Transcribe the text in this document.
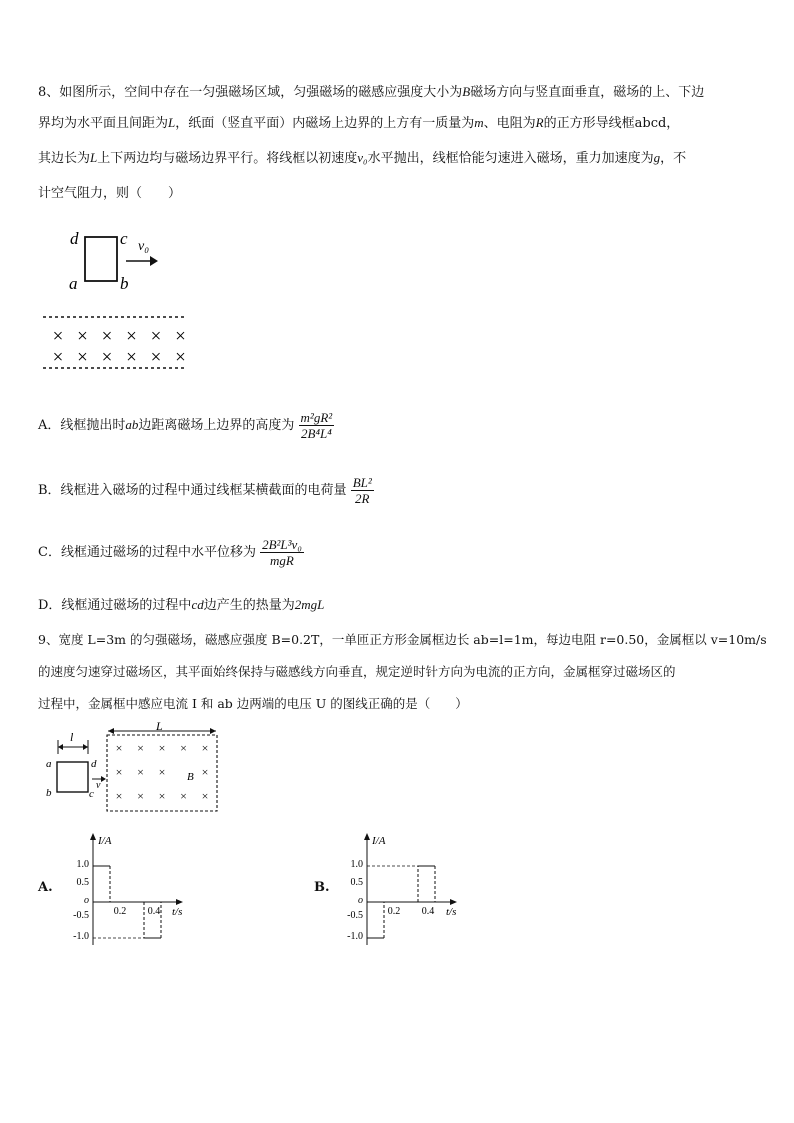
8、如图所示，空间中存在一匀强磁场区域，匀强磁场的磁感应强度大小为B磁场方向与竖直面垂直，磁场的上、下边
界均为水平面且间距为L，纸面（竖直平面）内磁场上边界的上方有一质量为m、电阻为R的正方形导线框abcd，
其边长为L上下两边均与磁场边界平行。将线框以初速度v₀水平抛出，线框恰能匀速进入磁场，重力加速度为g，不
计空气阻力，则（　　）
d c
a	b
v₀
× × × × × ×
× × × × × ×
A．线框抛出时ab边距离磁场上边界的高度为 $\frac{\text{m²gR²}}{\text{2B⁴L⁴}}$
B．线框进入磁场的过程中通过线框某横截面的电荷量 $\frac{\text{BL²}}{2R}$
C．线框通过磁场的过程中水平位移为 $\frac{\text{2B²L³v₀}}{\text{mgR}}$
D．线框通过磁场的过程中cd边产生的热量为2mgL
9、宽度 L=3m 的匀强磁场，磁感应强度 B=0.2T，一单匝正方形金属框边长 ab=l=1m，每边电阻 r=0.50，金属框以 v=10m/s
的速度匀速穿过磁场区，其平面始终保持与磁感线方向垂直，规定逆时针方向为电流的正方向，金属框穿过磁场区的
过程中，金属框中感应电流 I 和 ab 边两端的电压 U 的图线正确的是（　　）
l
a
b
d
c
v
L
× × × × ×
× × ×	×
× × × × ×
B
A.
I/A
t/s
1.0
0.5
o
-0.5
-1.0
0.2 0.4
B.
I/A
t/s
1.0
0.5
o
-0.5
-1.0
0.2 0.4
